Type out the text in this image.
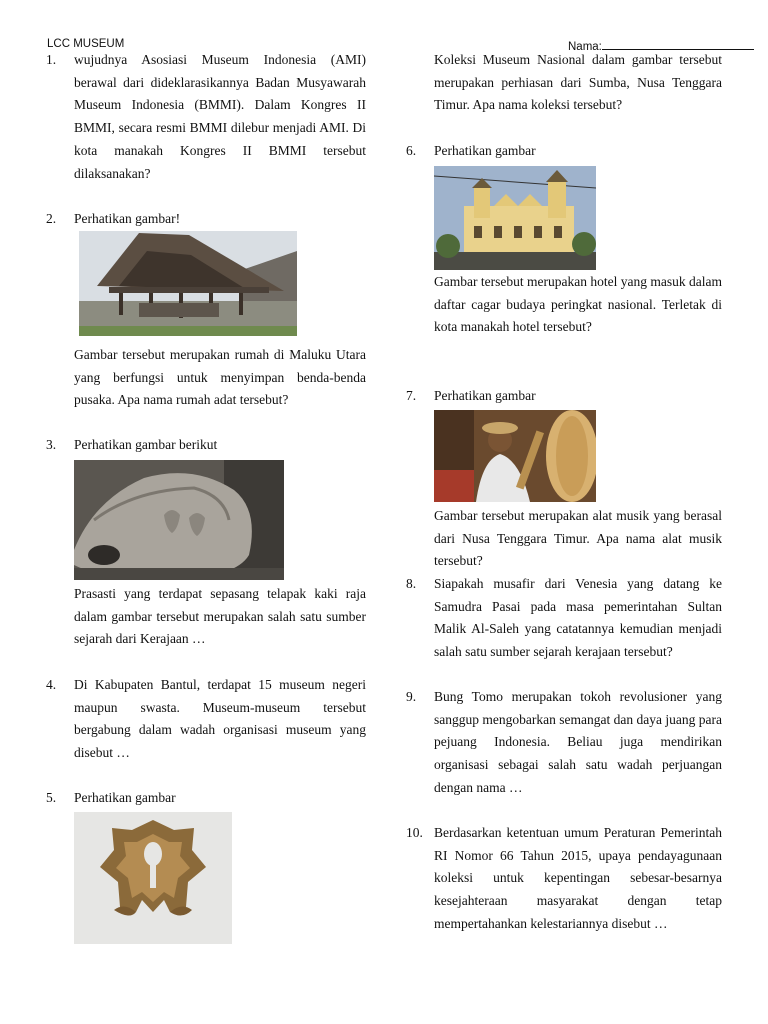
LCC MUSEUM	Nama:
1.	wujudnya Asosiasi Museum Indonesia (AMI) berawal dari dideklarasikannya Badan Musyawarah Museum Indonesia (BMMI). Dalam Kongres II BMMI, secara resmi BMMI dilebur menjadi AMI. Di kota manakah Kongres II BMMI tersebut dilaksanakan?
2.	Perhatikan gambar!
Gambar tersebut merupakan rumah di Maluku Utara yang berfungsi untuk menyimpan benda-benda pusaka. Apa nama rumah adat tersebut?
3.	Perhatikan gambar berikut
Prasasti yang terdapat sepasang telapak kaki raja dalam gambar tersebut merupakan salah satu sumber sejarah dari Kerajaan …
4.	Di Kabupaten Bantul, terdapat 15 museum negeri maupun swasta. Museum-museum tersebut bergabung dalam wadah organisasi museum yang disebut …
5.	Perhatikan gambar
Koleksi Museum Nasional dalam gambar tersebut merupakan perhiasan dari Sumba, Nusa Tenggara Timur. Apa nama koleksi tersebut?
6.	Perhatikan gambar
Gambar tersebut merupakan hotel yang masuk dalam daftar cagar budaya peringkat nasional. Terletak di kota manakah hotel tersebut?
7.	Perhatikan gambar
Gambar tersebut merupakan alat musik yang berasal dari Nusa Tenggara Timur. Apa nama alat musik tersebut?
8.	Siapakah musafir dari Venesia yang datang ke Samudra Pasai pada masa pemerintahan Sultan Malik Al-Saleh yang catatannya kemudian menjadi salah satu sumber sejarah kerajaan tersebut?
9.	Bung Tomo merupakan tokoh revolusioner yang sanggup mengobarkan semangat dan daya juang para pejuang Indonesia. Beliau juga mendirikan organisasi sebagai salah satu wadah perjuangan dengan nama …
10. Berdasarkan ketentuan umum Peraturan Pemerintah RI Nomor 66 Tahun 2015, upaya pendayagunaan koleksi untuk kepentingan sebesar-besarnya kesejahteraan masyarakat dengan tetap mempertahankan kelestariannya disebut …
